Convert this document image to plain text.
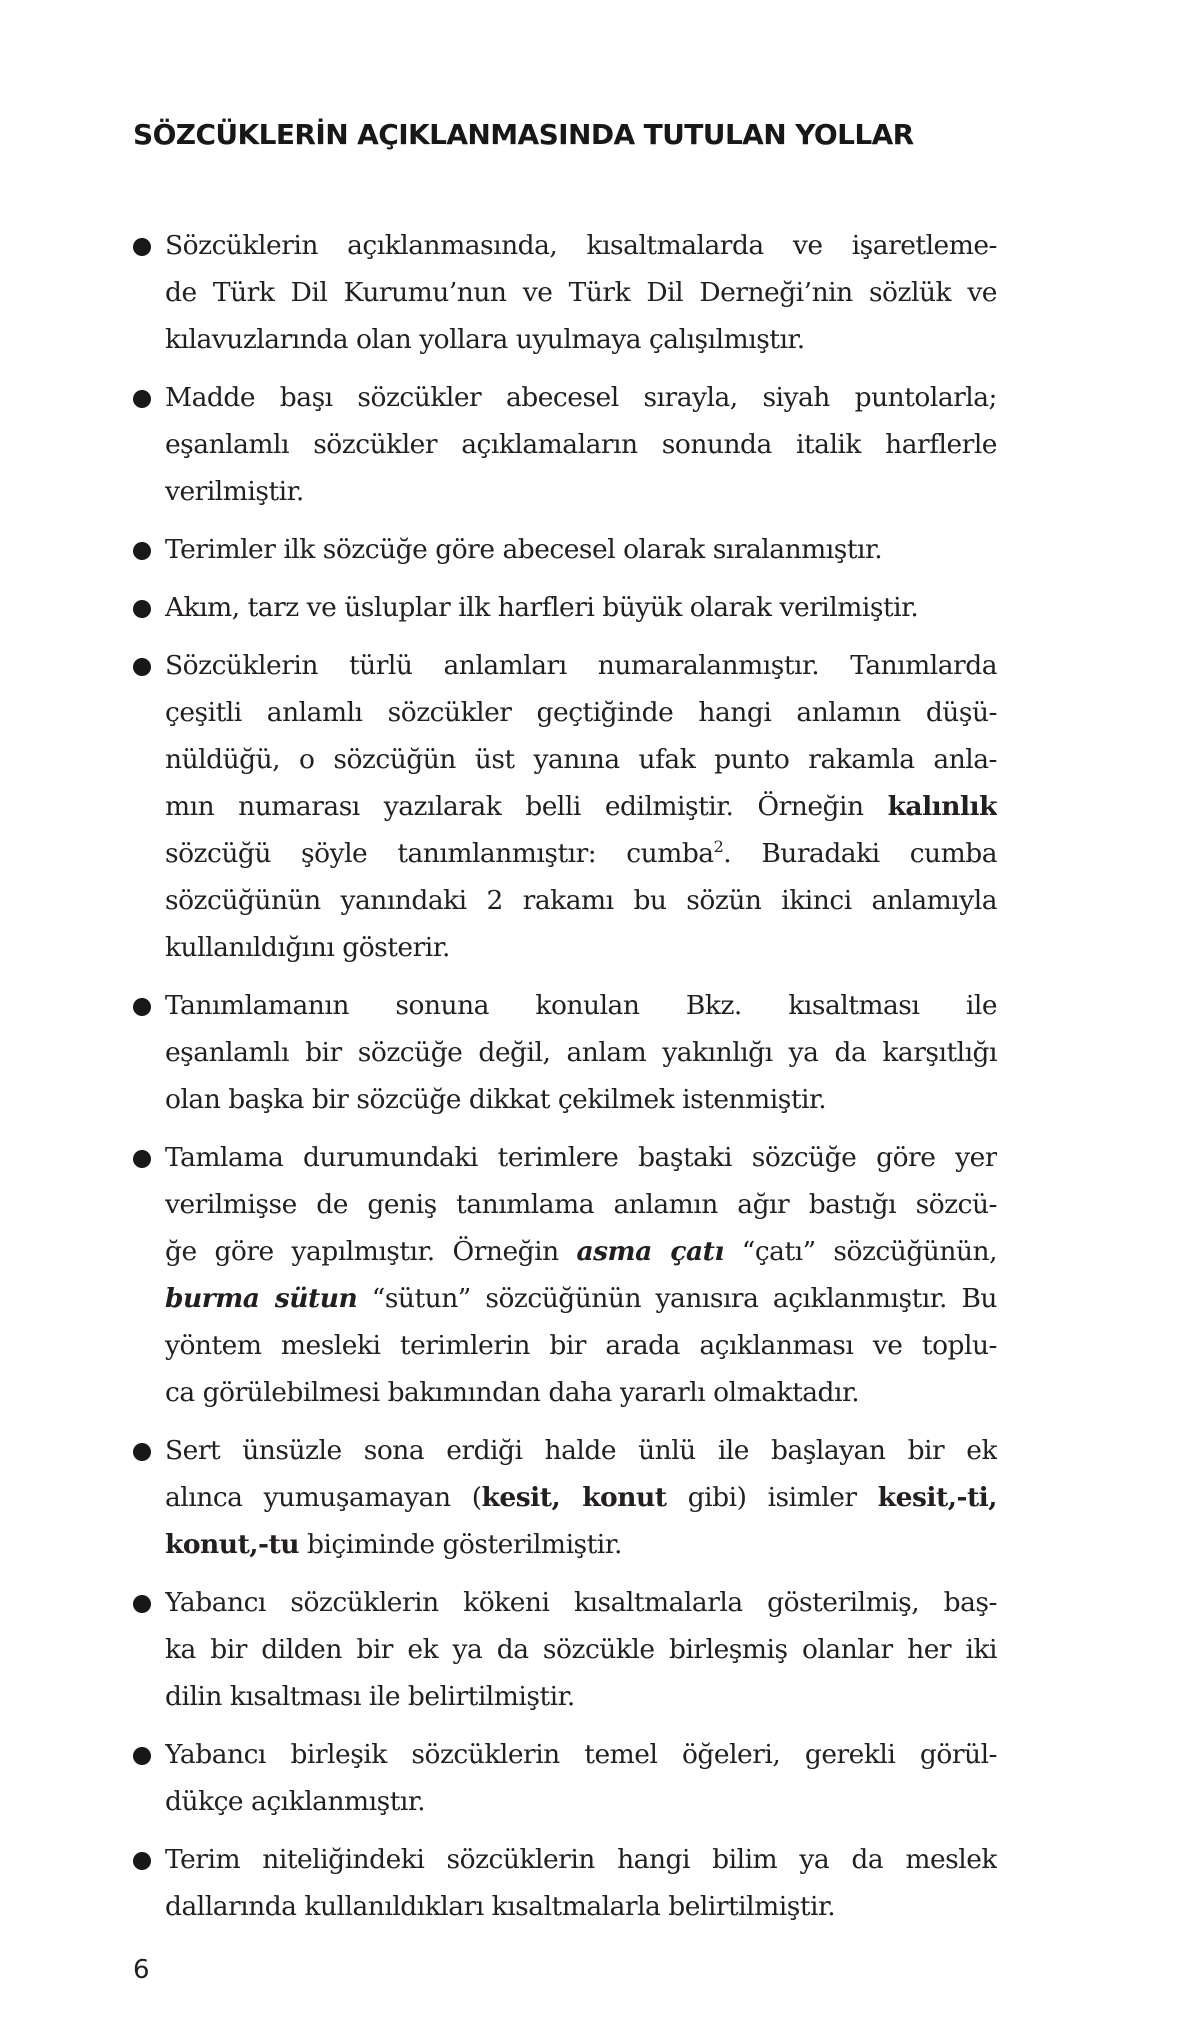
SÖZCÜKLERİN AÇIKLANMASINDA TUTULAN YOLLAR
Sözcüklerin açıklanmasında, kısaltmalarda ve işaretleme-
de Türk Dil Kurumu’nun ve Türk Dil Derneği’nin sözlük ve
kılavuzlarında olan yollara uyulmaya çalışılmıştır.
Madde başı sözcükler abecesel sırayla, siyah puntolarla;
eşanlamlı sözcükler açıklamaların sonunda italik harflerle
verilmiştir.
Terimler ilk sözcüğe göre abecesel olarak sıralanmıştır.
Akım, tarz ve üsluplar ilk harfleri büyük olarak verilmiştir.
Sözcüklerin türlü anlamları numaralanmıştır. Tanımlarda
çeşitli anlamlı sözcükler geçtiğinde hangi anlamın düşü-
nüldüğü, o sözcüğün üst yanına ufak punto rakamla anla-
mın numarası yazılarak belli edilmiştir. Örneğin kalınlık
sözcüğü şöyle tanımlanmıştır: cumba$^2$. Buradaki cumba
sözcüğünün yanındaki 2 rakamı bu sözün ikinci anlamıyla
kullanıldığını gösterir.
Tanımlamanın sonuna konulan Bkz. kısaltması ile
eşanlamlı bir sözcüğe değil, anlam yakınlığı ya da karşıtlığı
olan başka bir sözcüğe dikkat çekilmek istenmiştir.
Tamlama durumundaki terimlere baştaki sözcüğe göre yer
verilmişse de geniş tanımlama anlamın ağır bastığı sözcü-
ğe göre yapılmıştır. Örneğin asma çatı “çatı” sözcüğünün,
burma sütun “sütun” sözcüğünün yanısıra açıklanmıştır. Bu
yöntem mesleki terimlerin bir arada açıklanması ve toplu-
ca görülebilmesi bakımından daha yararlı olmaktadır.
Sert ünsüzle sona erdiği halde ünlü ile başlayan bir ek
alınca yumuşamayan (kesit, konut gibi) isimler kesit,-ti,
konut,-tu biçiminde gösterilmiştir.
Yabancı sözcüklerin kökeni kısaltmalarla gösterilmiş, baş-
ka bir dilden bir ek ya da sözcükle birleşmiş olanlar her iki
dilin kısaltması ile belirtilmiştir.
Yabancı birleşik sözcüklerin temel öğeleri, gerekli görül-
dükçe açıklanmıştır.
Terim niteliğindeki sözcüklerin hangi bilim ya da meslek
dallarında kullanıldıkları kısaltmalarla belirtilmiştir.
6
